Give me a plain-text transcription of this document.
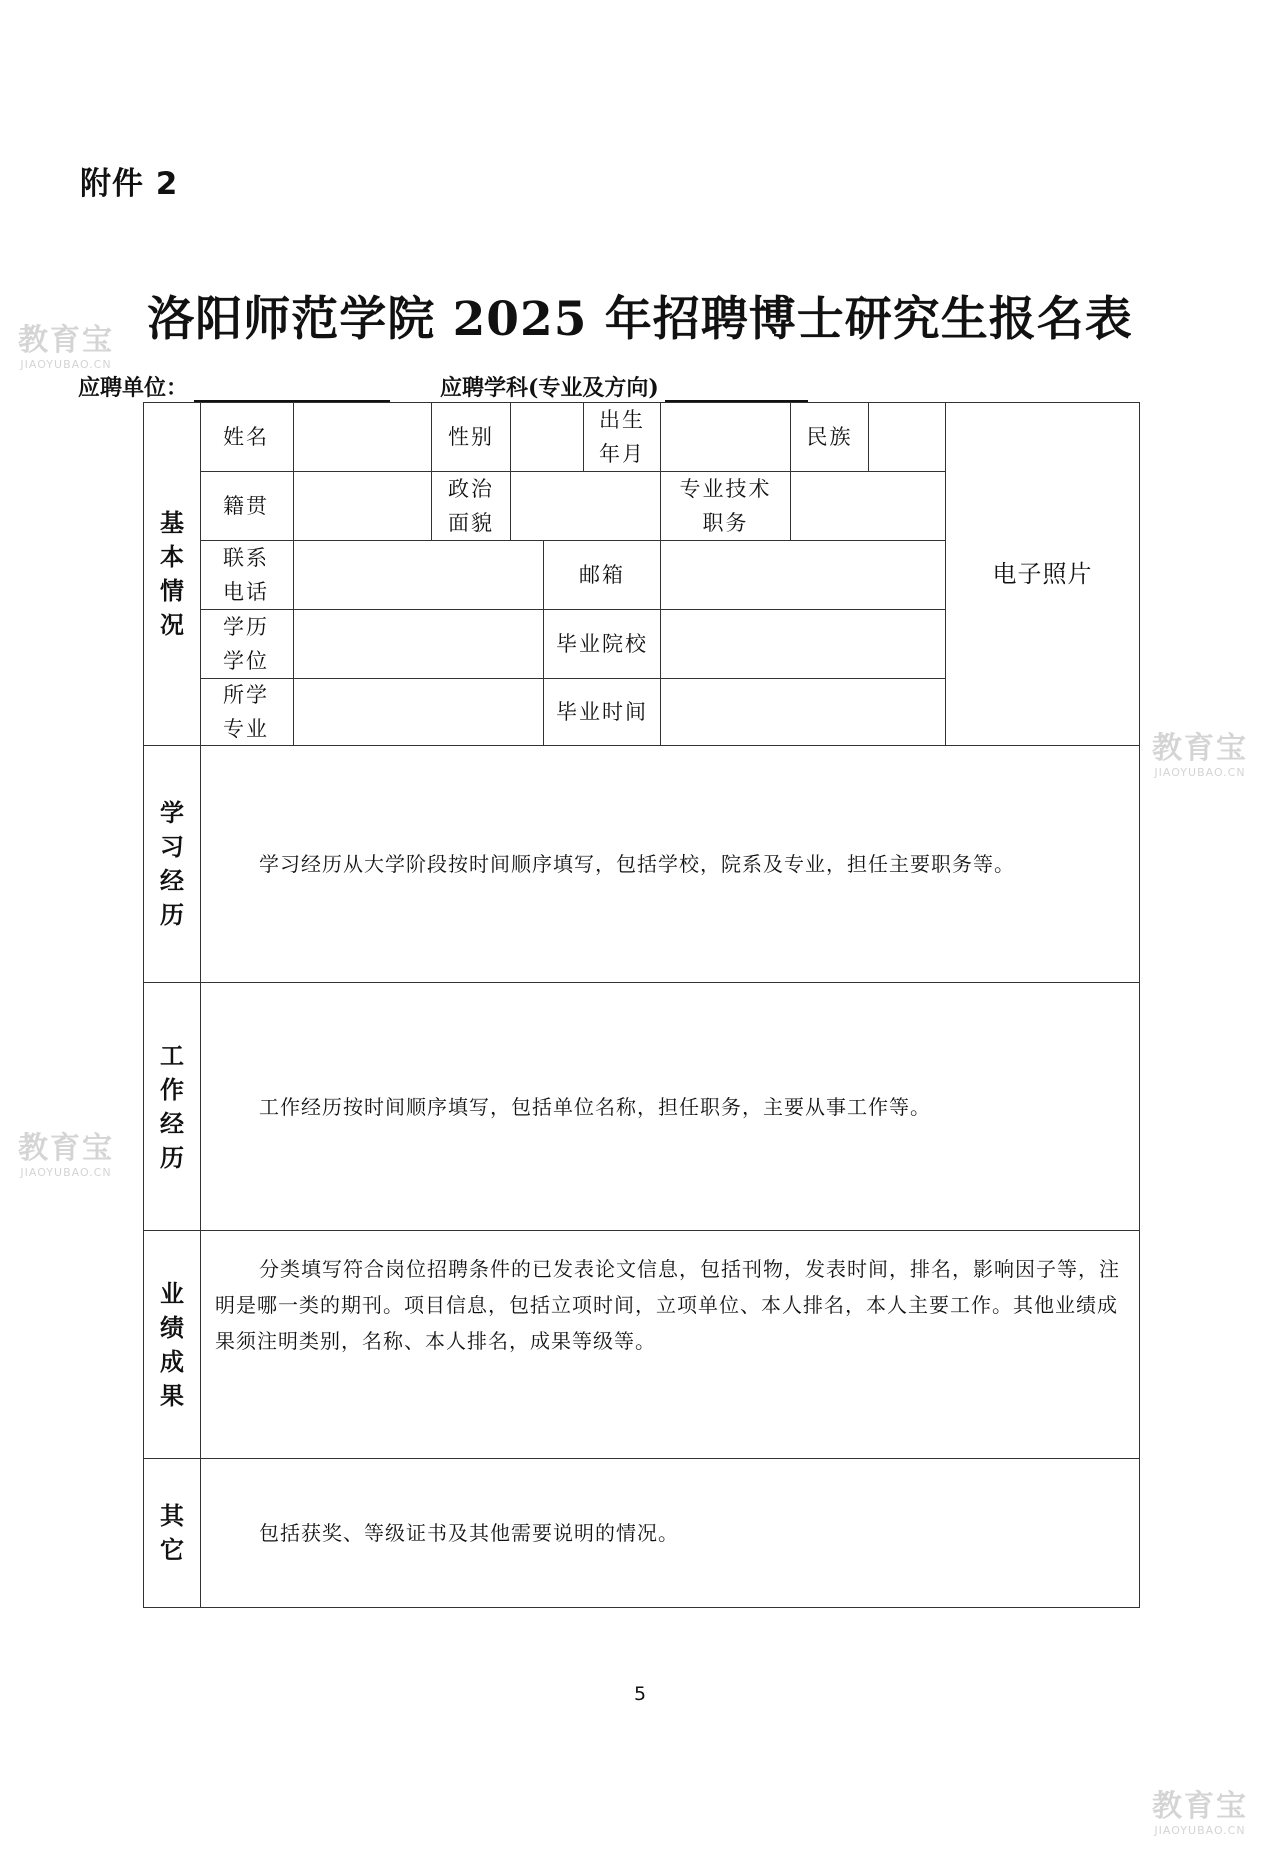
附件 2
洛阳师范学院 2025 年招聘博士研究生报名表
应聘单位：	应聘学科(专业及方向)
基本情况
姓名	性别
出生
年月
民族
籍贯
政治
面貌
专业技术
职务
联系
电话
邮箱
学历
学位
毕业院校
所学
专业
毕业时间
电子照片
学习经历
学习经历从大学阶段按时间顺序填写，包括学校，院系及专业，担任主要职务等。
工作经历
工作经历按时间顺序填写，包括单位名称，担任职务，主要从事工作等。
业绩成果
分类填写符合岗位招聘条件的已发表论文信息，包括刊物，发表时间，排名，影响因子等，注明是哪一类的期刊。项目信息，包括立项时间，立项单位、本人排名，本人主要工作。其他业绩成果须注明类别，名称、本人排名，成果等级等。
其它
包括获奖、等级证书及其他需要说明的情况。
教育宝
JIAOYUBAO.CN
教育宝
JIAOYUBAO.CN
教育宝
JIAOYUBAO.CN
教育宝
JIAOYUBAO.CN
5
